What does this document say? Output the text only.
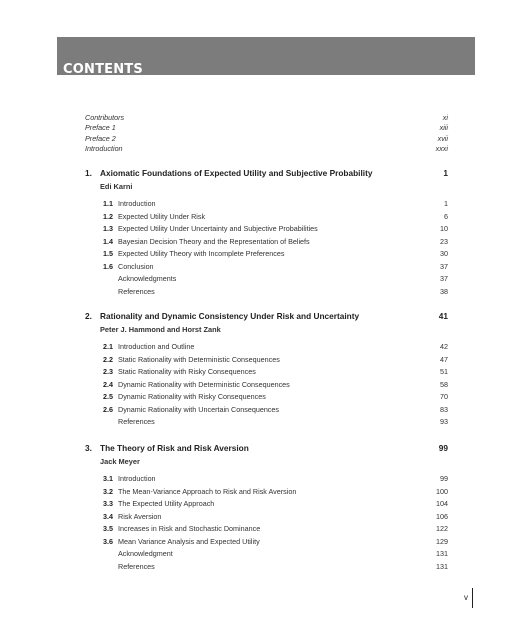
CONTENTS
Contributors	xi
Preface 1	xiii
Preface 2	xvii
Introduction	xxxi
1. Axiomatic Foundations of Expected Utility and Subjective Probability	1
Edi Karni
1.1 Introduction	1
1.2 Expected Utility Under Risk	6
1.3 Expected Utility Under Uncertainty and Subjective Probabilities	10
1.4 Bayesian Decision Theory and the Representation of Beliefs	23
1.5 Expected Utility Theory with Incomplete Preferences	30
1.6 Conclusion	37
Acknowledgments	37
References	38
2. Rationality and Dynamic Consistency Under Risk and Uncertainty	41
Peter J. Hammond and Horst Zank
2.1 Introduction and Outline	42
2.2 Static Rationality with Deterministic Consequences	47
2.3 Static Rationality with Risky Consequences	51
2.4 Dynamic Rationality with Deterministic Consequences	58
2.5 Dynamic Rationality with Risky Consequences	70
2.6 Dynamic Rationality with Uncertain Consequences	83
References	93
3. The Theory of Risk and Risk Aversion	99
Jack Meyer
3.1 Introduction	99
3.2 The Mean-Variance Approach to Risk and Risk Aversion	100
3.3 The Expected Utility Approach	104
3.4 Risk Aversion	106
3.5 Increases in Risk and Stochastic Dominance	122
3.6 Mean Variance Analysis and Expected Utility	129
Acknowledgment	131
References	131
v
